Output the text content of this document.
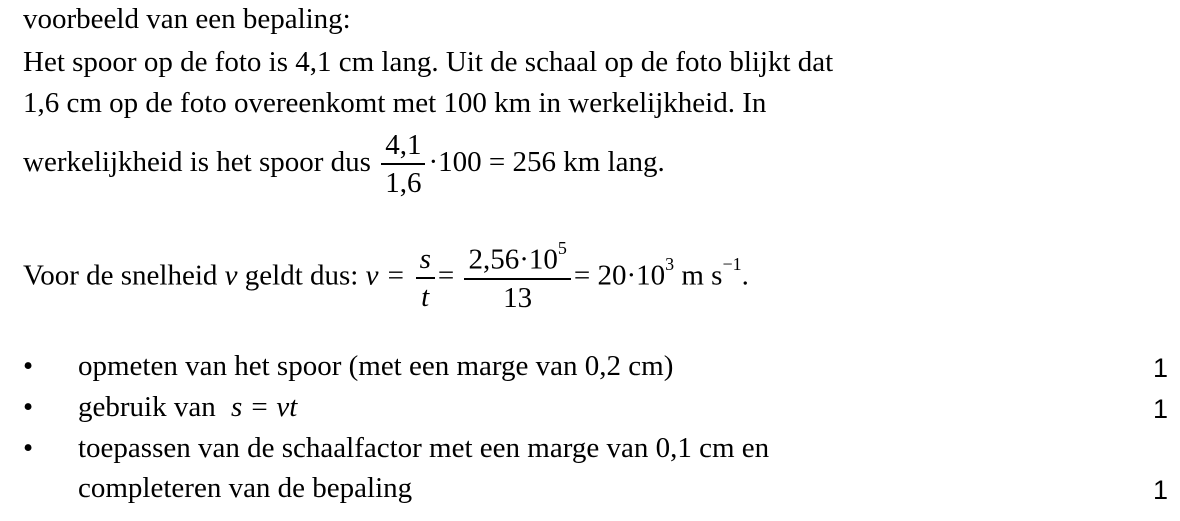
voorbeeld van een bepaling:
Het spoor op de foto is 4,1 cm lang. Uit de schaal op de foto blijkt dat
1,6 cm op de foto overeenkomt met 100 km in werkelijkheid. In
werkelijkheid is het spoor dus $\frac{4,1}{1,6} \cdot 100 = 256$ km lang.
Voor de snelheid v geldt dus: $v = \frac{s}{t} = \frac{2,56\cdot 10^5}{13} = 20\cdot 10^3$ m $s^{-1}$.
• opmeten van het spoor (met een marge van 0,2 cm)	1
• gebruik van s = vt	1
• toepassen van de schaalfactor met een marge van 0,1 cm en
completeren van de bepaling	1
